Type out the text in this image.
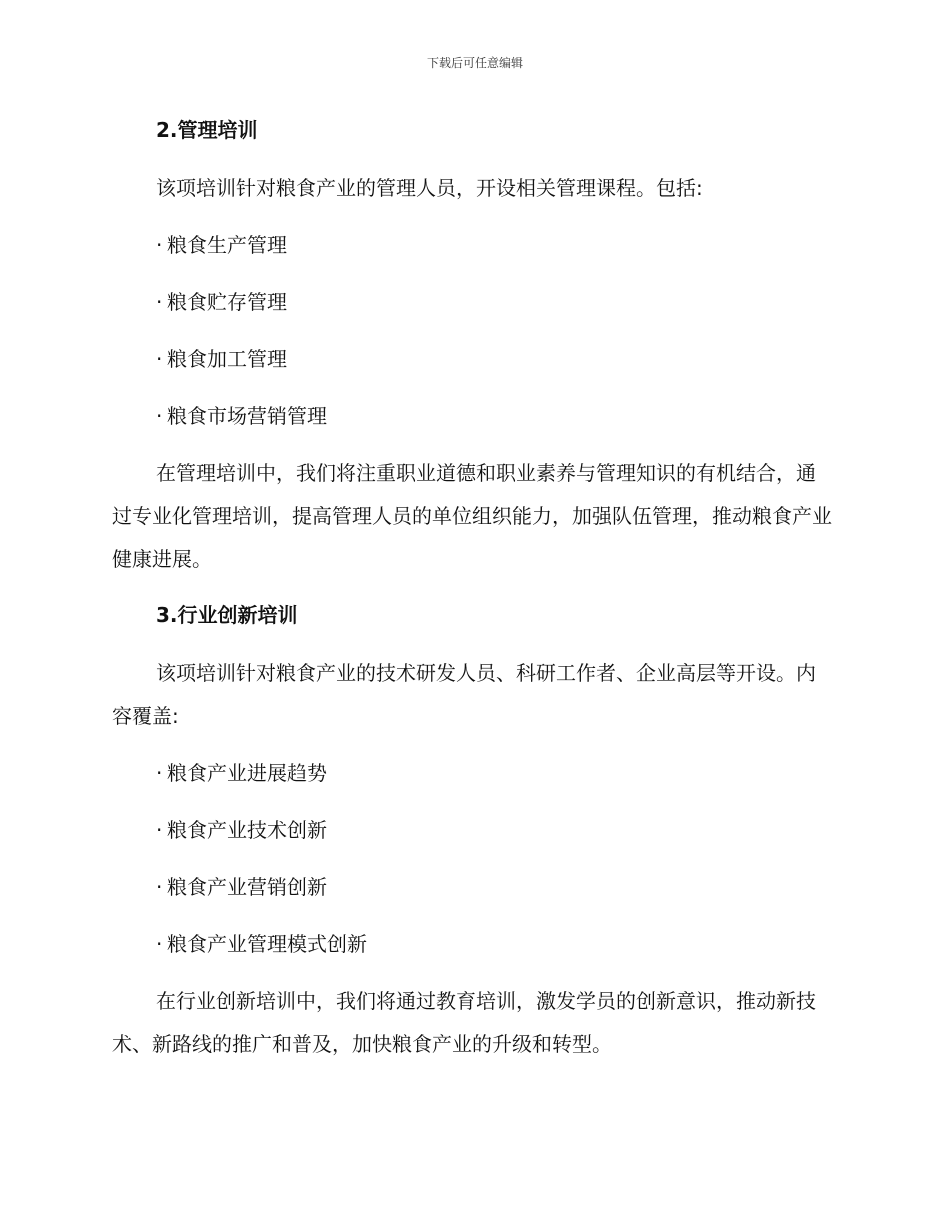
下载后可任意编辑
2.管理培训

该项培训针对粮食产业的管理人员，开设相关管理课程。包括:

· 粮食生产管理
· 粮食贮存管理
· 粮食加工管理
· 粮食市场营销管理

在管理培训中，我们将注重职业道德和职业素养与管理知识的有机结合，通过专业化管理培训，提高管理人员的单位组织能力，加强队伍管理，推动粮食产业健康进展。

3.行业创新培训

该项培训针对粮食产业的技术研发人员、科研工作者、企业高层等开设。内容覆盖:

· 粮食产业进展趋势
· 粮食产业技术创新
· 粮食产业营销创新
· 粮食产业管理模式创新

在行业创新培训中，我们将通过教育培训，激发学员的创新意识，推动新技术、新路线的推广和普及，加快粮食产业的升级和转型。
